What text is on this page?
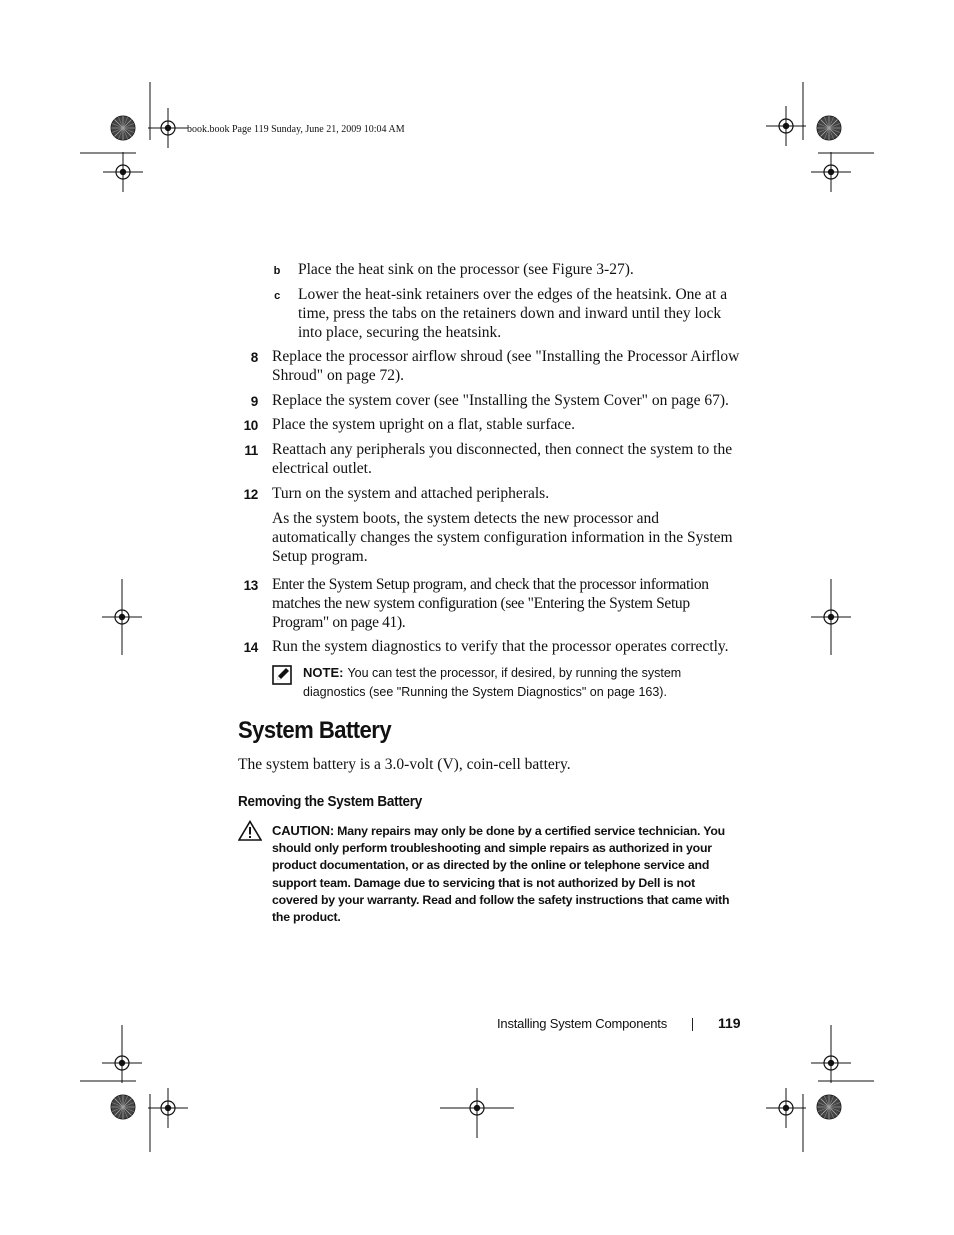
book.book Page 119 Sunday, June 21, 2009 10:04 AM
b Place the heat sink on the processor (see Figure 3-27).
c Lower the heat-sink retainers over the edges of the heatsink. One at a time, press the tabs on the retainers down and inward until they lock into place, securing the heatsink.
8 Replace the processor airflow shroud (see "Installing the Processor Airflow Shroud" on page 72).
9 Replace the system cover (see "Installing the System Cover" on page 67).
10 Place the system upright on a flat, stable surface.
11 Reattach any peripherals you disconnected, then connect the system to the electrical outlet.
12 Turn on the system and attached peripherals.
As the system boots, the system detects the new processor and automatically changes the system configuration information in the System Setup program.
13 Enter the System Setup program, and check that the processor information matches the new system configuration (see "Entering the System Setup Program" on page 41).
14 Run the system diagnostics to verify that the processor operates correctly.
NOTE: You can test the processor, if desired, by running the system diagnostics (see "Running the System Diagnostics" on page 163).
System Battery
The system battery is a 3.0-volt (V), coin-cell battery.
Removing the System Battery
CAUTION: Many repairs may only be done by a certified service technician. You should only perform troubleshooting and simple repairs as authorized in your product documentation, or as directed by the online or telephone service and support team. Damage due to servicing that is not authorized by Dell is not covered by your warranty. Read and follow the safety instructions that came with the product.
Installing System Components	119
